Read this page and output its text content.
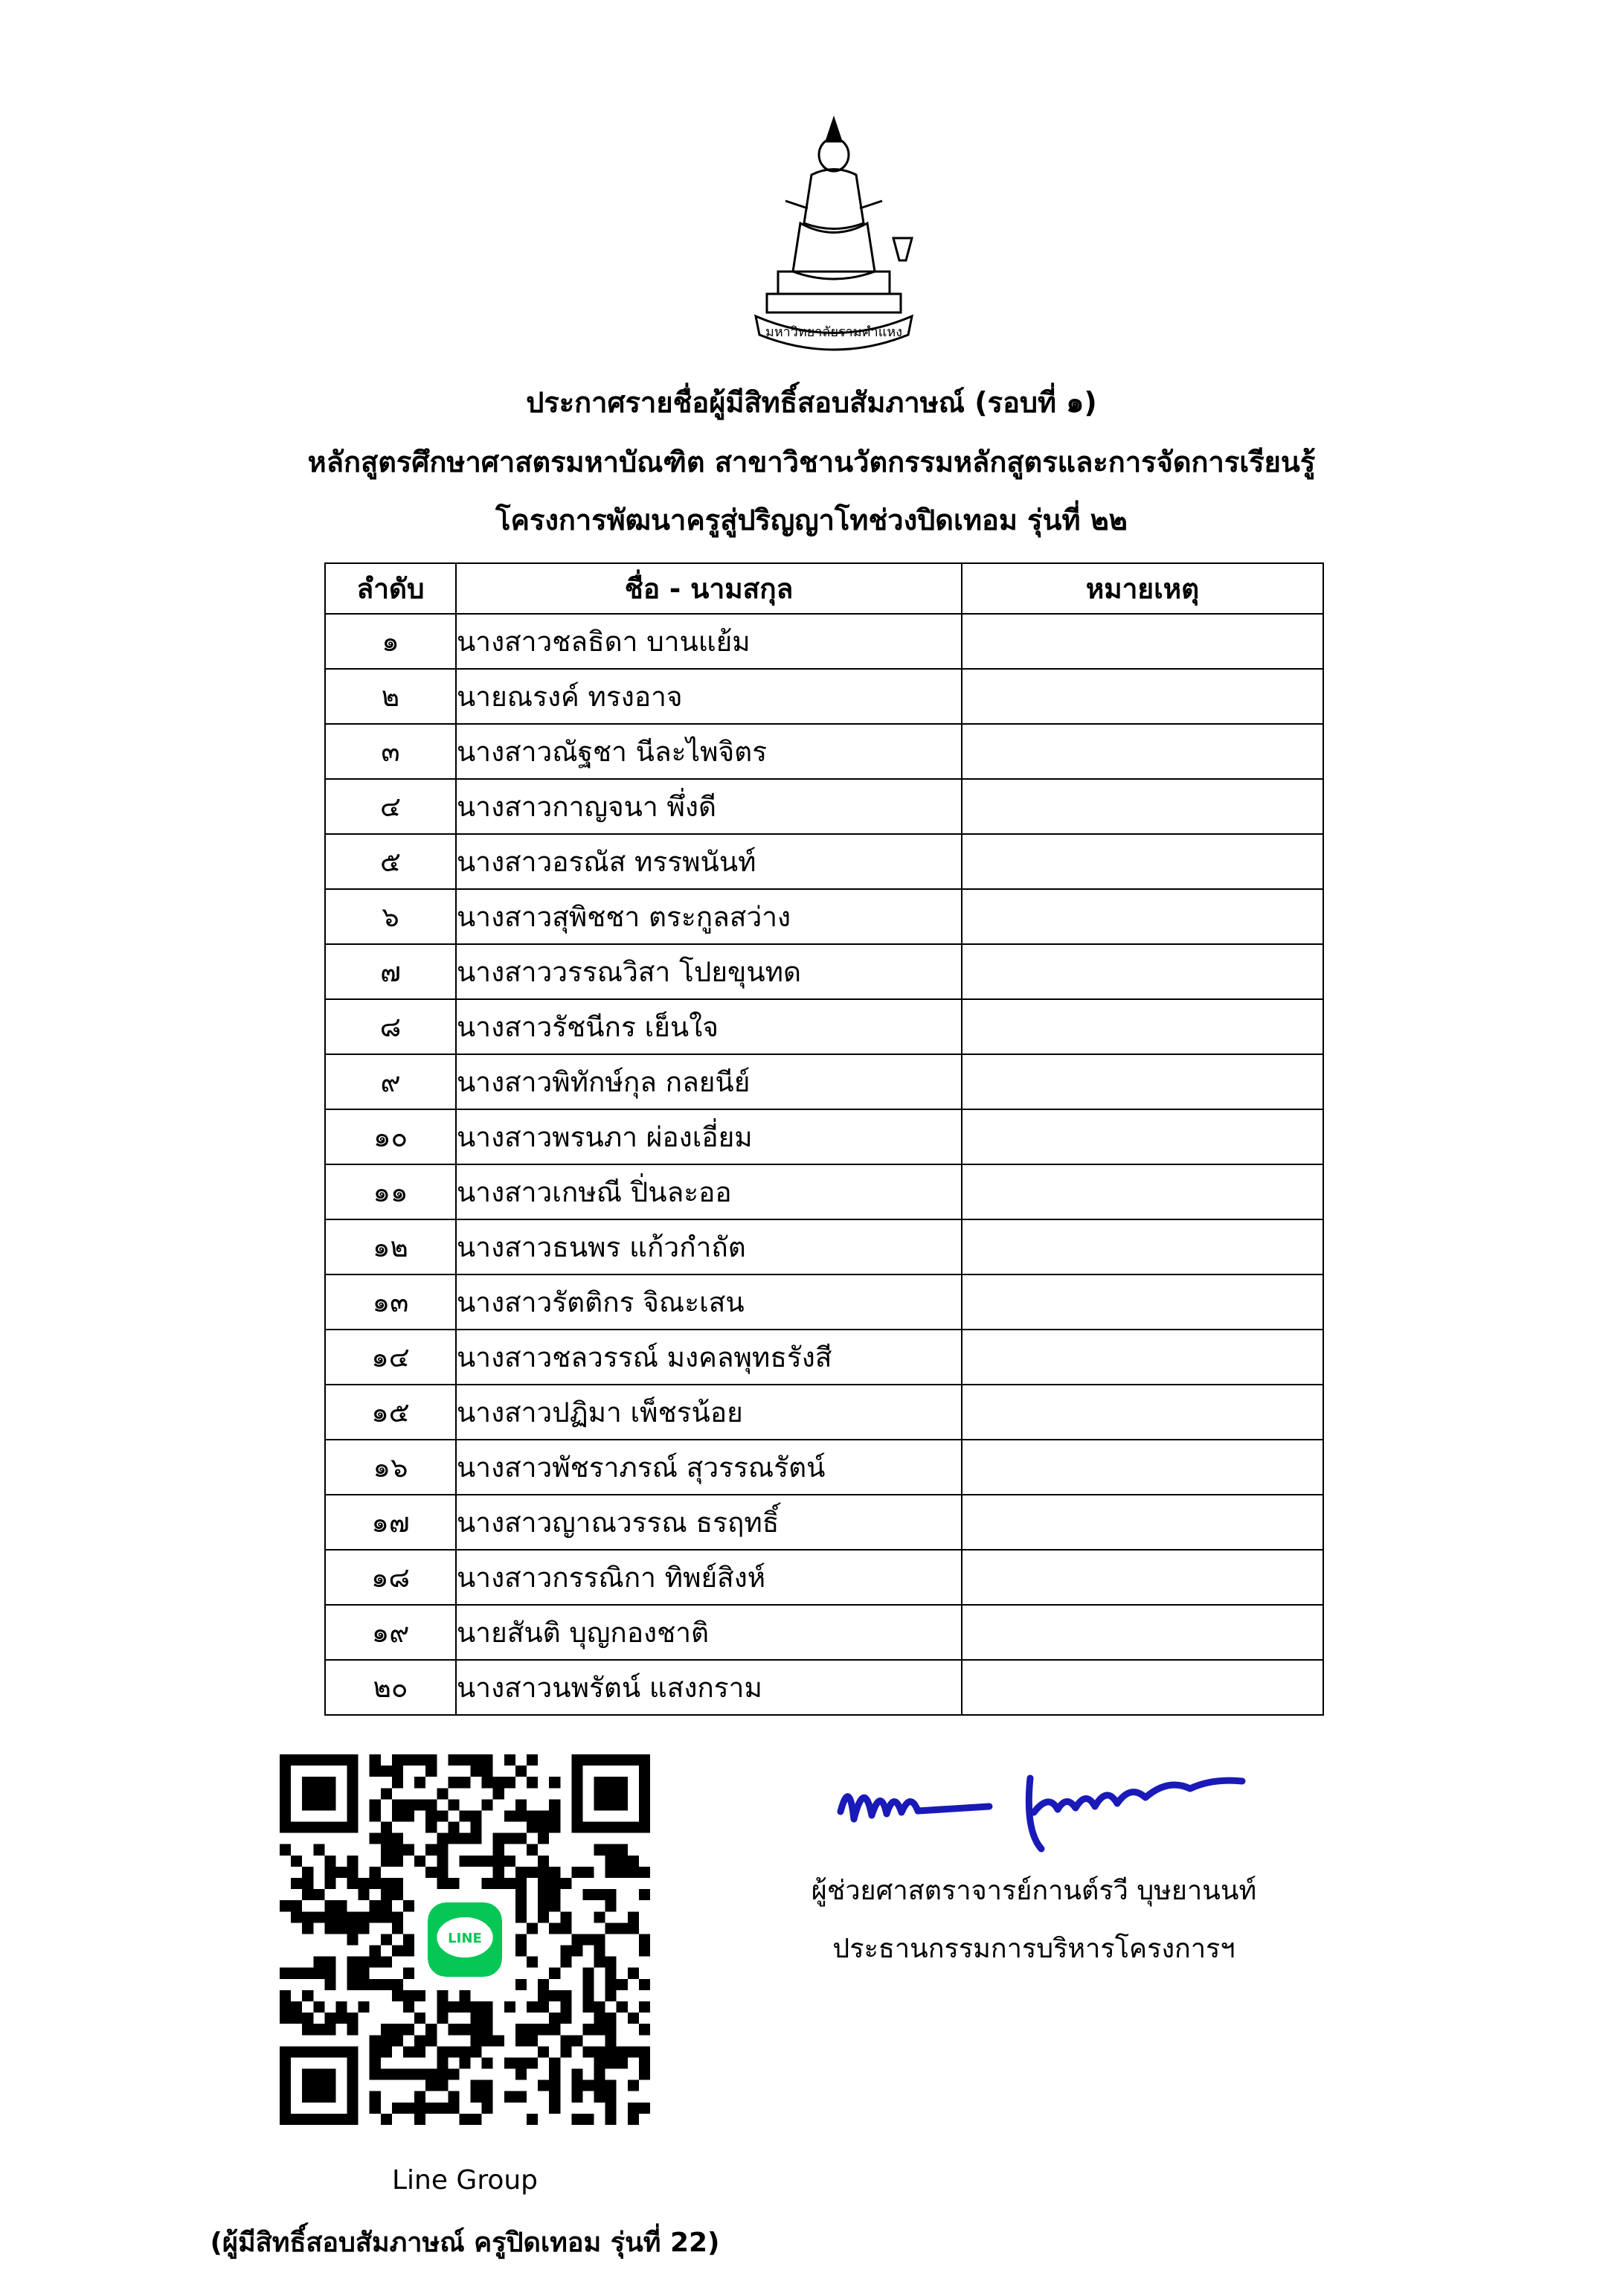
มหาวิทยาลัยรามคำแหง
ประกาศรายชื่อผู้มีสิทธิ์สอบสัมภาษณ์ (รอบที่ ๑)
หลักสูตรศึกษาศาสตรมหาบัณฑิต สาขาวิชานวัตกรรมหลักสูตรและการจัดการเรียนรู้
โครงการพัฒนาครูสู่ปริญญาโทช่วงปิดเทอม รุ่นที่ ๒๒
ลำดับ	ชื่อ - นามสกุล	หมายเหตุ
๑	นางสาวชลธิดา บานแย้ม	
๒	นายณรงค์ ทรงอาจ	
๓	นางสาวณัฐชา นีละไพจิตร	
๔	นางสาวกาญจนา พึ่งดี	
๕	นางสาวอรณัส ทรรพนันท์	
๖	นางสาวสุพิชชา ตระกูลสว่าง	
๗	นางสาววรรณวิสา โปยขุนทด	
๘	นางสาวรัชนีกร เย็นใจ	
๙	นางสาวพิทักษ์กุล กลยนีย์	
๑๐	นางสาวพรนภา ผ่องเอี่ยม	
๑๑	นางสาวเกษณี ปิ่นละออ	
๑๒	นางสาวธนพร แก้วกำถัต	
๑๓	นางสาวรัตติกร จิณะเสน	
๑๔	นางสาวชลวรรณ์ มงคลพุทธรังสี	
๑๕	นางสาวปฏิมา เพ็ชรน้อย	
๑๖	นางสาวพัชราภรณ์ สุวรรณรัตน์	
๑๗	นางสาวญาณวรรณ ธรฤทธิ์	
๑๘	นางสาวกรรณิกา ทิพย์สิงห์	
๑๙	นายสันติ บุญกองชาติ	
๒๐	นางสาวนพรัตน์ แสงกราม	
LINE
Line Group
(ผู้มีสิทธิ์สอบสัมภาษณ์ ครูปิดเทอม รุ่นที่ 22)
ผู้ช่วยศาสตราจารย์กานต์รวี บุษยานนท์
ประธานกรรมการบริหารโครงการฯ
